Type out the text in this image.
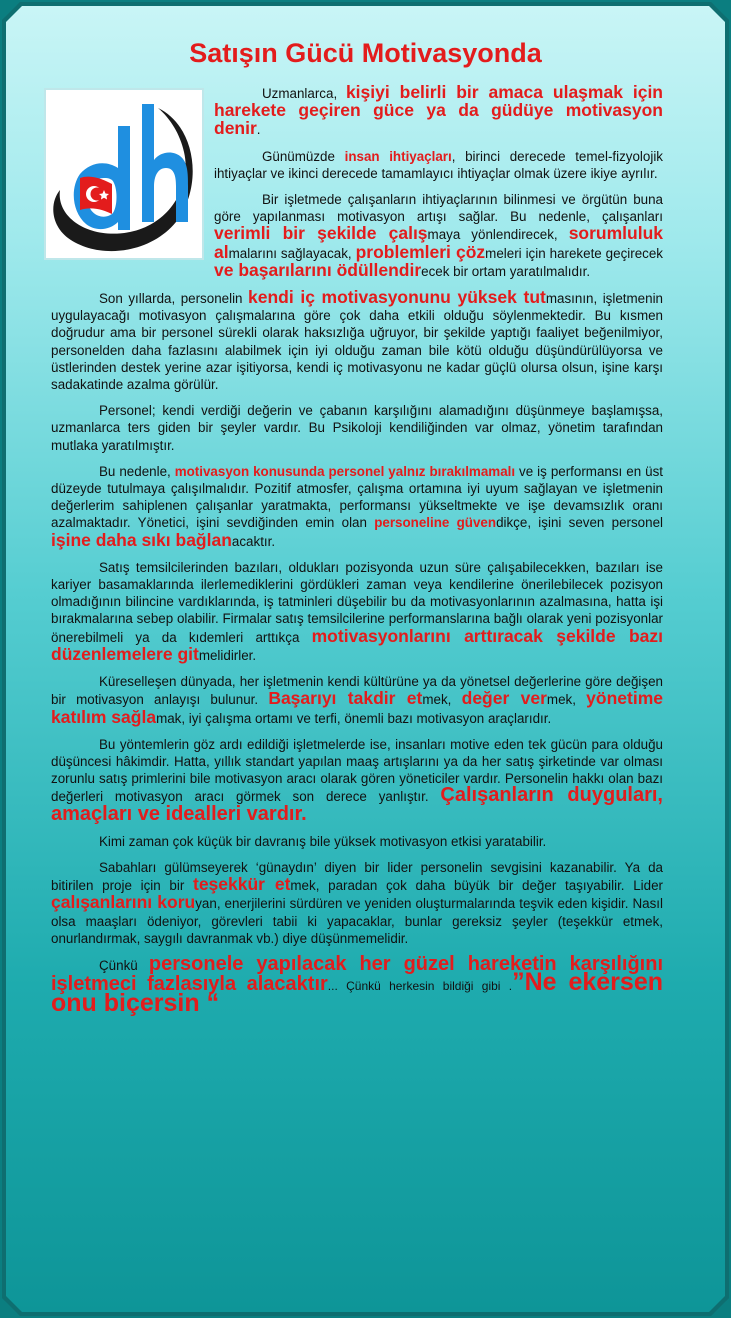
Satışın Gücü Motivasyonda

Uzmanlarca, kişiyi belirli bir amaca ulaşmak için harekete geçiren güce ya da güdüye motivasyon denir.

Günümüzde insan ihtiyaçları, birinci derecede temel-fizyolojik ihtiyaçlar ve ikinci derecede tamamlayıcı ihtiyaçlar olmak üzere ikiye ayrılır.

Bir işletmede çalışanların ihtiyaçlarının bilinmesi ve örgütün buna göre yapılanması motivasyon artışı sağlar. Bu nedenle, çalışanları verimli bir şekilde çalışmaya yönlendirecek, sorumluluk almalarını sağlayacak, problemleri çözmeleri için harekete geçirecek ve başarılarını ödüllendirecek bir ortam yaratılmalıdır.

Son yıllarda, personelin kendi iç motivasyonunu yüksek tutmasının, işletmenin uygulayacağı motivasyon çalışmalarına göre çok daha etkili olduğu söylenmektedir. Bu kısmen doğrudur ama bir personel sürekli olarak haksızlığa uğruyor, bir şekilde yaptığı faaliyet beğenilmiyor, personelden daha fazlasını alabilmek için iyi olduğu zaman bile kötü olduğu düşündürülüyorsa ve üstlerinden destek yerine azar işitiyorsa, kendi iç motivasyonu ne kadar güçlü olursa olsun, işine karşı sadakatinde azalma görülür.

Personel; kendi verdiği değerin ve çabanın karşılığını alamadığını düşünmeye başlamışsa, uzmanlarca ters giden bir şeyler vardır. Bu Psikoloji kendiliğinden var olmaz, yönetim tarafından mutlaka yaratılmıştır.

Bu nedenle, motivasyon konusunda personel yalnız bırakılmamalı ve iş performansı en üst düzeyde tutulmaya çalışılmalıdır. Pozitif atmosfer, çalışma ortamına iyi uyum sağlayan ve işletmenin değerlerim sahiplenen çalışanlar yaratmakta, performansı yükseltmekte ve işe devamsızlık oranı azalmaktadır. Yönetici, işini sevdiğinden emin olan personeline güvendikçe, işini seven personel işine daha sıkı bağlanacaktır.

Satış temsilcilerinden bazıları, oldukları pozisyonda uzun süre çalışabilecekken, bazıları ise kariyer basamaklarında ilerlemediklerini gördükleri zaman veya kendilerine önerilebilecek pozisyon olmadığının bilincine vardıklarında, iş tatminleri düşebilir bu da motivasyonlarının azalmasına, hatta işi bırakmalarına sebep olabilir. Firmalar satış temsilcilerine performanslarına bağlı olarak yeni pozisyonlar önerebilmeli ya da kıdemleri arttıkça motivasyonlarını arttıracak şekilde bazı düzenlemelere gitmelidirler.

Küreselleşen dünyada, her işletmenin kendi kültürüne ya da yönetsel değerlerine göre değişen bir motivasyon anlayışı bulunur. Başarıyı takdir etmek, değer vermek, yönetime katılım sağlamak, iyi çalışma ortamı ve terfi, önemli bazı motivasyon araçlarıdır.

Bu yöntemlerin göz ardı edildiği işletmelerde ise, insanları motive eden tek gücün para olduğu düşüncesi hâkimdir. Hatta, yıllık standart yapılan maaş artışlarını ya da her satış şirketinde var olması zorunlu satış primlerini bile motivasyon aracı olarak gören yöneticiler vardır. Personelin hakkı olan bazı değerleri motivasyon aracı görmek son derece yanlıştır. Çalışanların duyguları, amaçları ve idealleri vardır.

Kimi zaman çok küçük bir davranış bile yüksek motivasyon etkisi yaratabilir.

Sabahları gülümseyerek ‘günaydın’ diyen bir lider personelin sevgisini kazanabilir. Ya da bitirilen proje için bir teşekkür etmek, paradan çok daha büyük bir değer taşıyabilir. Lider çalışanlarını koruyan, enerjilerini sürdüren ve yeniden oluşturmalarında teşvik eden kişidir. Nasıl olsa maaşları ödeniyor, görevleri tabii ki yapacaklar, bunlar gereksiz şeyler (teşekkür etmek, onurlandırmak, saygılı davranmak vb.) diye düşünmemelidir.

Çünkü personele yapılacak her güzel hareketin karşılığını işletmeci fazlasıyla alacaktır... Çünkü herkesin bildiği gibi .”Ne ekersen onu biçersin “
